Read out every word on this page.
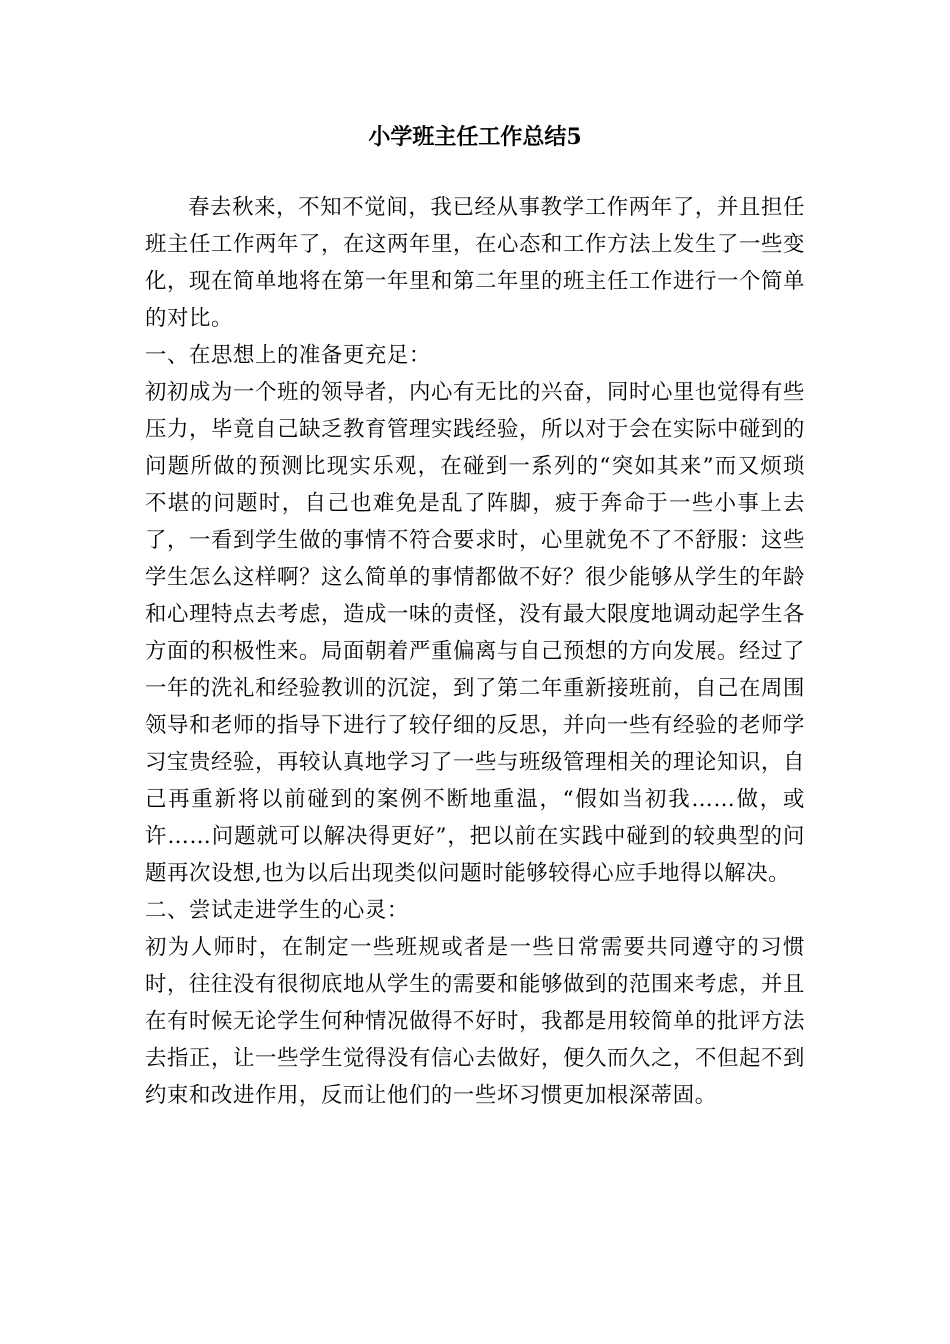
小学班主任工作总结5

春去秋来，不知不觉间，我已经从事教学工作两年了，并且担任班主任工作两年了，在这两年里，在心态和工作方法上发生了一些变化，现在简单地将在第一年里和第二年里的班主任工作进行一个简单的对比。

一、在思想上的准备更充足：

初初成为一个班的领导者，内心有无比的兴奋，同时心里也觉得有些压力，毕竟自己缺乏教育管理实践经验，所以对于会在实际中碰到的问题所做的预测比现实乐观，在碰到一系列的“突如其来”而又烦琐不堪的问题时，自己也难免是乱了阵脚，疲于奔命于一些小事上去了，一看到学生做的事情不符合要求时，心里就免不了不舒服：这些学生怎么这样啊？这么简单的事情都做不好？很少能够从学生的年龄和心理特点去考虑，造成一味的责怪，没有最大限度地调动起学生各方面的积极性来。局面朝着严重偏离与自己预想的方向发展。经过了一年的洗礼和经验教训的沉淀，到了第二年重新接班前，自己在周围领导和老师的指导下进行了较仔细的反思，并向一些有经验的老师学习宝贵经验，再较认真地学习了一些与班级管理相关的理论知识，自己再重新将以前碰到的案例不断地重温，“假如当初我……做，或许……问题就可以解决得更好”，把以前在实践中碰到的较典型的问题再次设想,也为以后出现类似问题时能够较得心应手地得以解决。

二、尝试走进学生的心灵：

初为人师时，在制定一些班规或者是一些日常需要共同遵守的习惯时，往往没有很彻底地从学生的需要和能够做到的范围来考虑，并且在有时候无论学生何种情况做得不好时，我都是用较简单的批评方法去指正，让一些学生觉得没有信心去做好，便久而久之，不但起不到约束和改进作用，反而让他们的一些坏习惯更加根深蒂固。
